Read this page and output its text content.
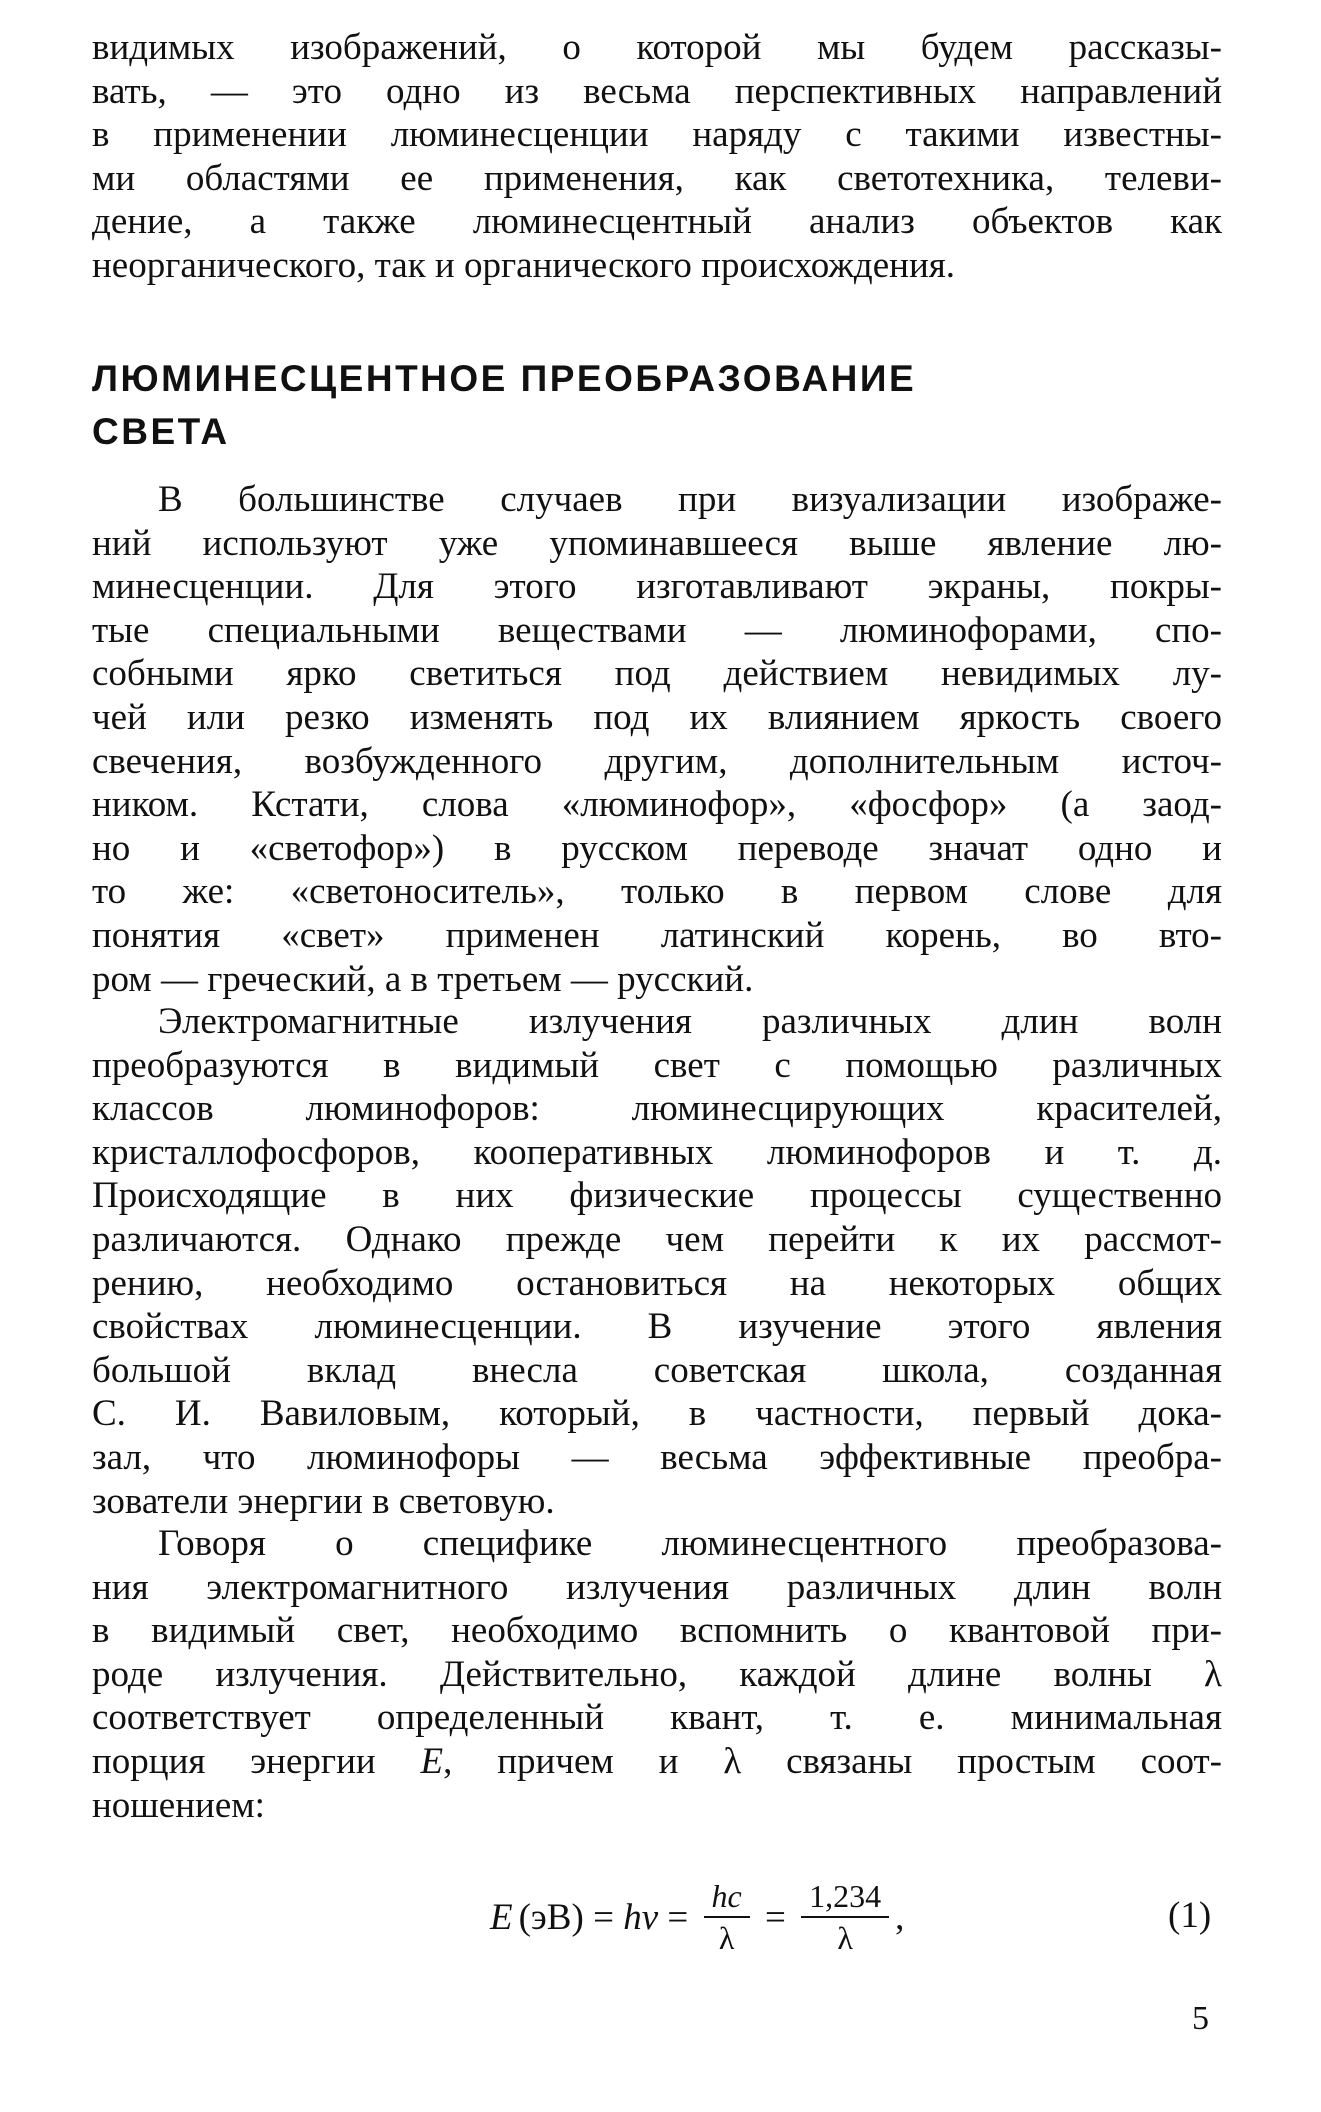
видимых изображений, о которой мы будем рассказы-
вать, — это одно из весьма перспективных направлений
в применении люминесценции наряду с такими известны-
ми областями ее применения, как светотехника, телеви-
дение, а также люминесцентный анализ объектов как
неорганического, так и органического происхождения.
ЛЮМИНЕСЦЕНТНОЕ ПРЕОБРАЗОВАНИЕ
СВЕТА
В большинстве случаев при визуализации изображе-
ний используют уже упоминавшееся выше явление лю-
минесценции. Для этого изготавливают экраны, покры-
тые специальными веществами — люминофорами, спо-
собными ярко светиться под действием невидимых лу-
чей или резко изменять под их влиянием яркость своего
свечения, возбужденного другим, дополнительным источ-
ником. Кстати, слова «люминофор», «фосфор» (а заод-
но и «светофор») в русском переводе значат одно и
то же: «светоноситель», только в первом слове для
понятия «свет» применен латинский корень, во вто-
ром — греческий, а в третьем — русский.
Электромагнитные излучения различных длин волн
преобразуются в видимый свет с помощью различных
классов люминофоров: люминесцирующих красителей,
кристаллофосфоров, кооперативных люминофоров и т. д.
Происходящие в них физические процессы существенно
различаются. Однако прежде чем перейти к их рассмот-
рению, необходимо остановиться на некоторых общих
свойствах люминесценции. В изучение этого явления
большой вклад внесла советская школа, созданная
С. И. Вавиловым, который, в частности, первый дока-
зал, что люминофоры — весьма эффективные преобра-
зователи энергии в световую.
Говоря о специфике люминесцентного преобразова-
ния электромагнитного излучения различных длин волн
в видимый свет, необходимо вспомнить о квантовой при-
роде излучения. Действительно, каждой длине волны λ
соответствует определенный квант, т. е. минимальная
порция энергии E, причем и λ связаны простым соот-
ношением:
E (эВ) = h $\nu = \frac{hc}{\lambda} = \frac{1,234}{\lambda}$ ,	(1)
5
